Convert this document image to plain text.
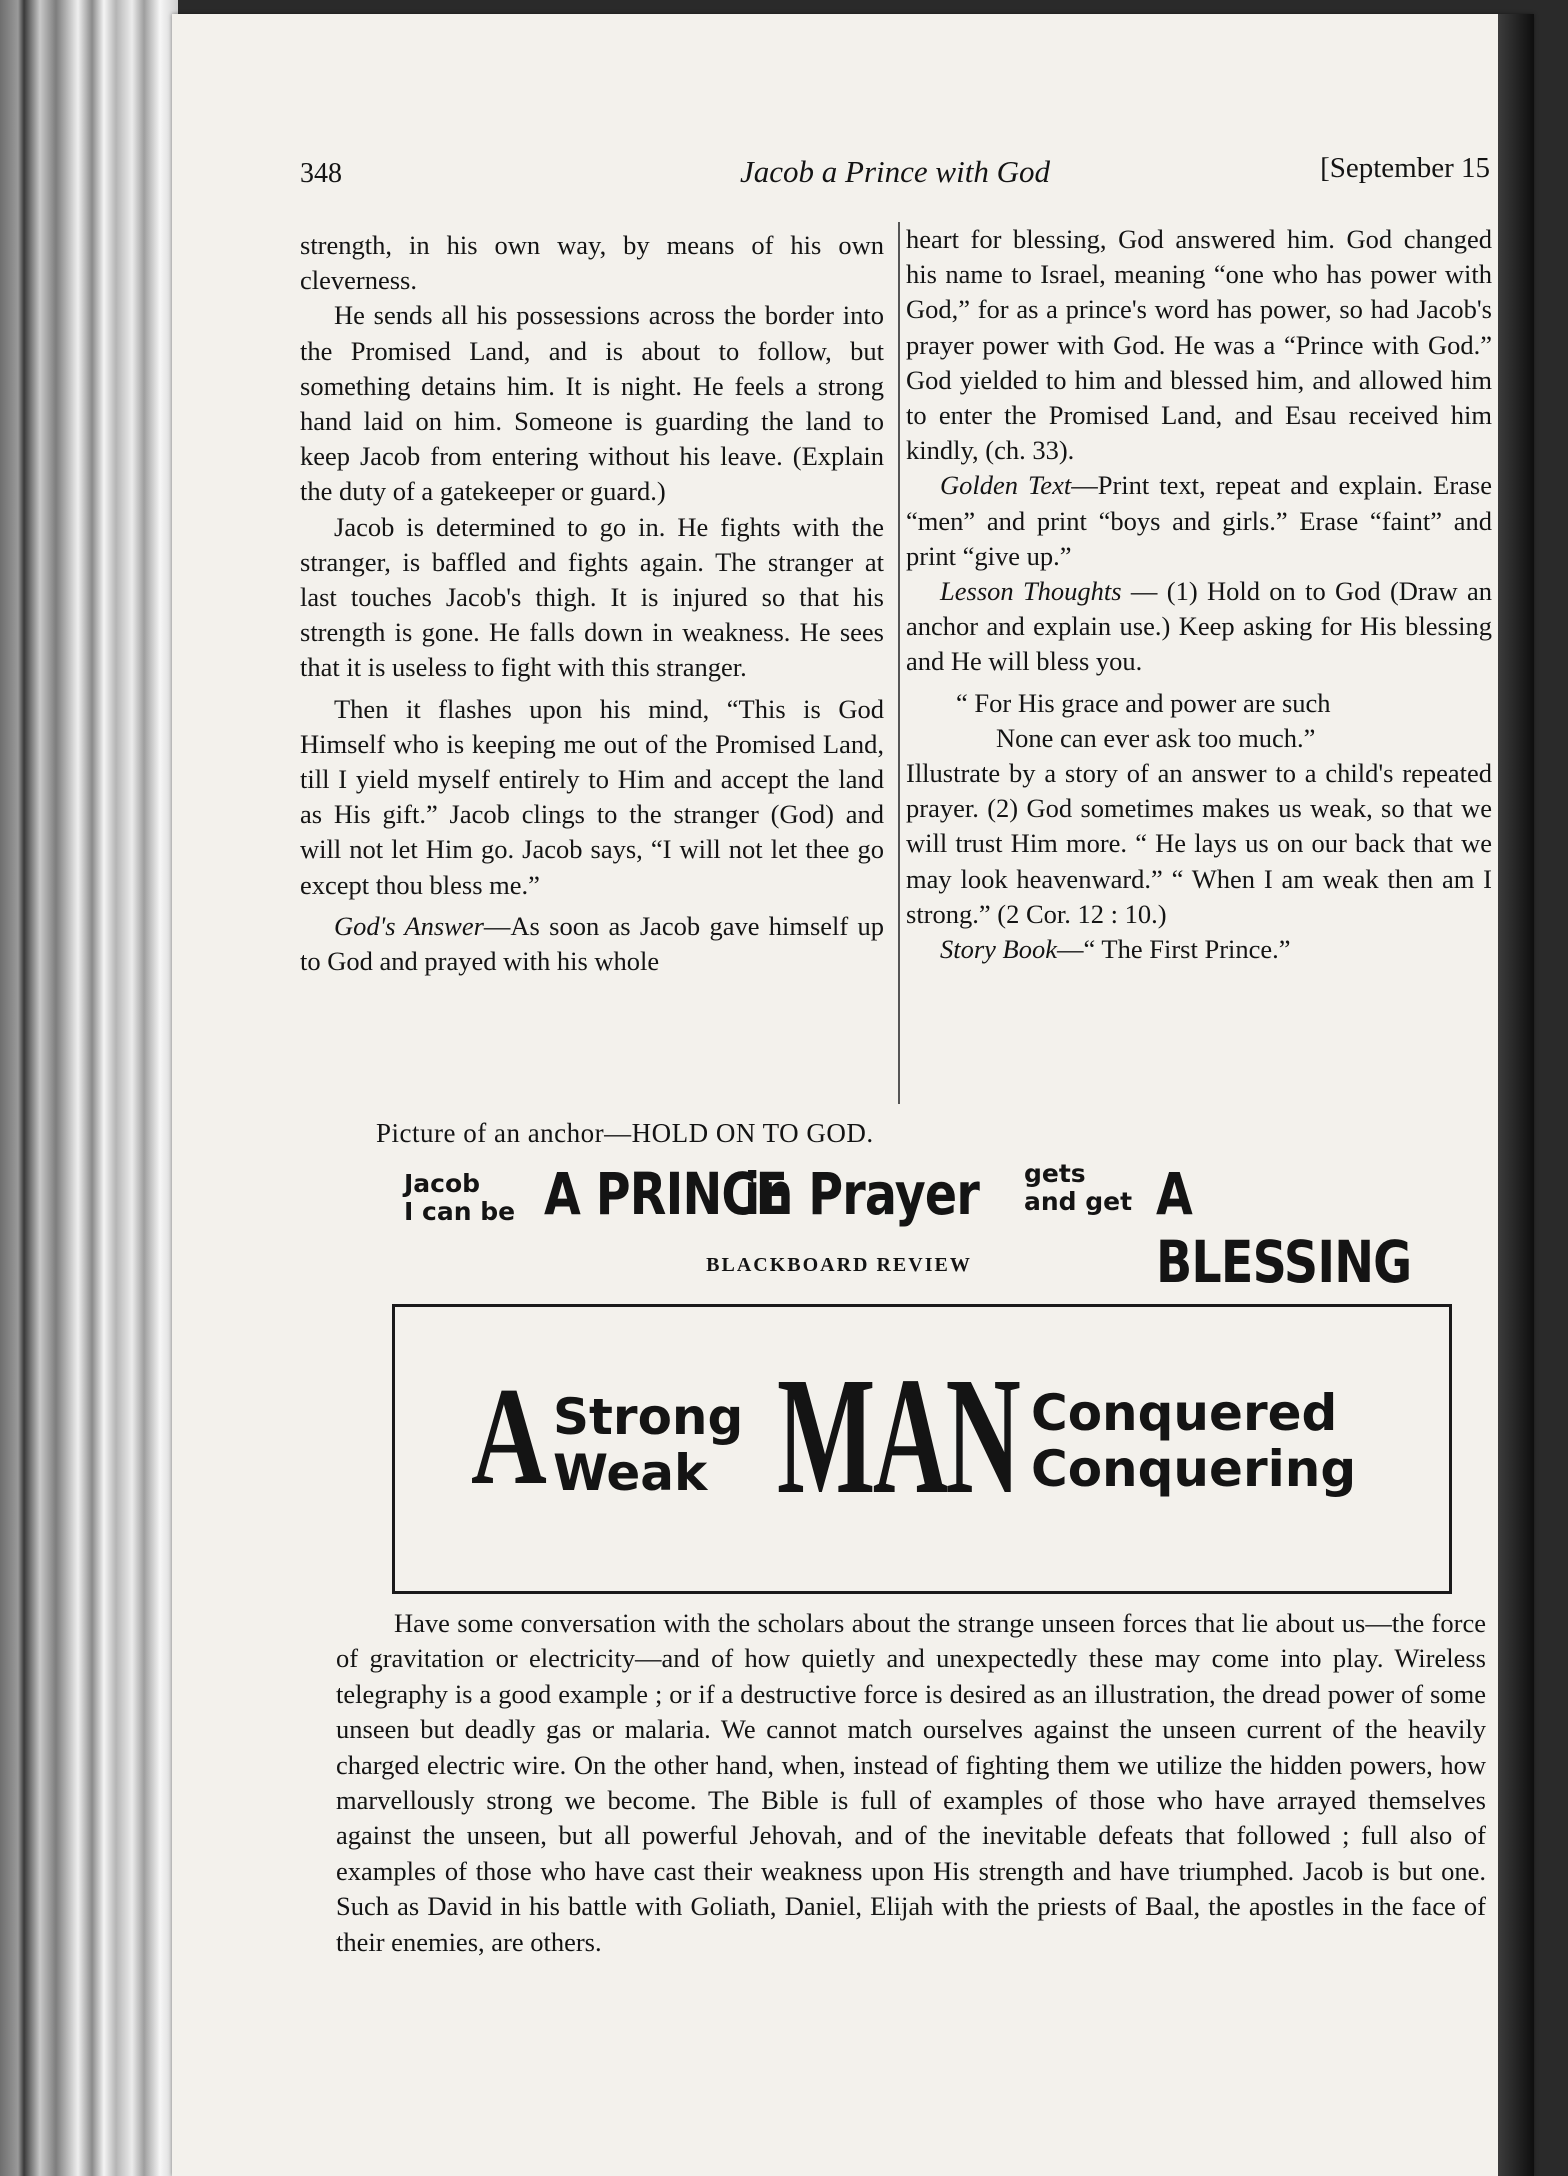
348	Jacob a Prince with God	[September 15

strength, in his own way, by means of his own cleverness.

He sends all his possessions across the border into the Promised Land, and is about to follow, but something detains him. It is night. He feels a strong hand laid on him. Someone is guarding the land to keep Jacob from entering without his leave. (Explain the duty of a gatekeeper or guard.)

Jacob is determined to go in. He fights with the stranger, is baffled and fights again. The stranger at last touches Jacob's thigh. It is injured so that his strength is gone. He falls down in weakness. He sees that it is useless to fight with this stranger.

Then it flashes upon his mind, “This is God Himself who is keeping me out of the Promised Land, till I yield myself entirely to Him and accept the land as His gift.” Jacob clings to the stranger (God) and will not let Him go. Jacob says, “I will not let thee go except thou bless me.”

God's Answer—As soon as Jacob gave himself up to God and prayed with his whole

heart for blessing, God answered him. God changed his name to Israel, meaning “one who has power with God,” for as a prince's word has power, so had Jacob's prayer power with God. He was a “Prince with God.” God yielded to him and blessed him, and allowed him to enter the Promised Land, and Esau received him kindly, (ch. 33).

Golden Text—Print text, repeat and explain. Erase “men” and print “boys and girls.” Erase “faint” and print “give up.”

Lesson Thoughts — (1) Hold on to God (Draw an anchor and explain use.) Keep asking for His blessing and He will bless you.

“ For His grace and power are such

None can ever ask too much.”

Illustrate by a story of an answer to a child's repeated prayer. (2) God sometimes makes us weak, so that we will trust Him more. “ He lays us on our back that we may look heavenward.” “ When I am weak then am I strong.” (2 Cor. 12 : 10.)

Story Book—“ The First Prince.”

Picture of an anchor—HOLD ON TO GOD.
Jacob
I can be A PRINCE
in Prayer gets
and get A BLESSING
BLACKBOARD REVIEW
A Strong
Weak MAN Conquered
Conquering

Have some conversation with the scholars about the strange unseen forces that lie about us—the force of gravitation or electricity—and of how quietly and unexpectedly these may come into play. Wireless telegraphy is a good example ; or if a destructive force is desired as an illustration, the dread power of some unseen but deadly gas or malaria. We cannot match ourselves against the unseen current of the heavily charged electric wire. On the other hand, when, instead of fighting them we utilize the hidden powers, how marvellously strong we become. The Bible is full of examples of those who have arrayed themselves against the unseen, but all powerful Jehovah, and of the inevitable defeats that followed ; full also of examples of those who have cast their weakness upon His strength and have triumphed. Jacob is but one. Such as David in his battle with Goliath, Daniel, Elijah with the priests of Baal, the apostles in the face of their enemies, are others.
